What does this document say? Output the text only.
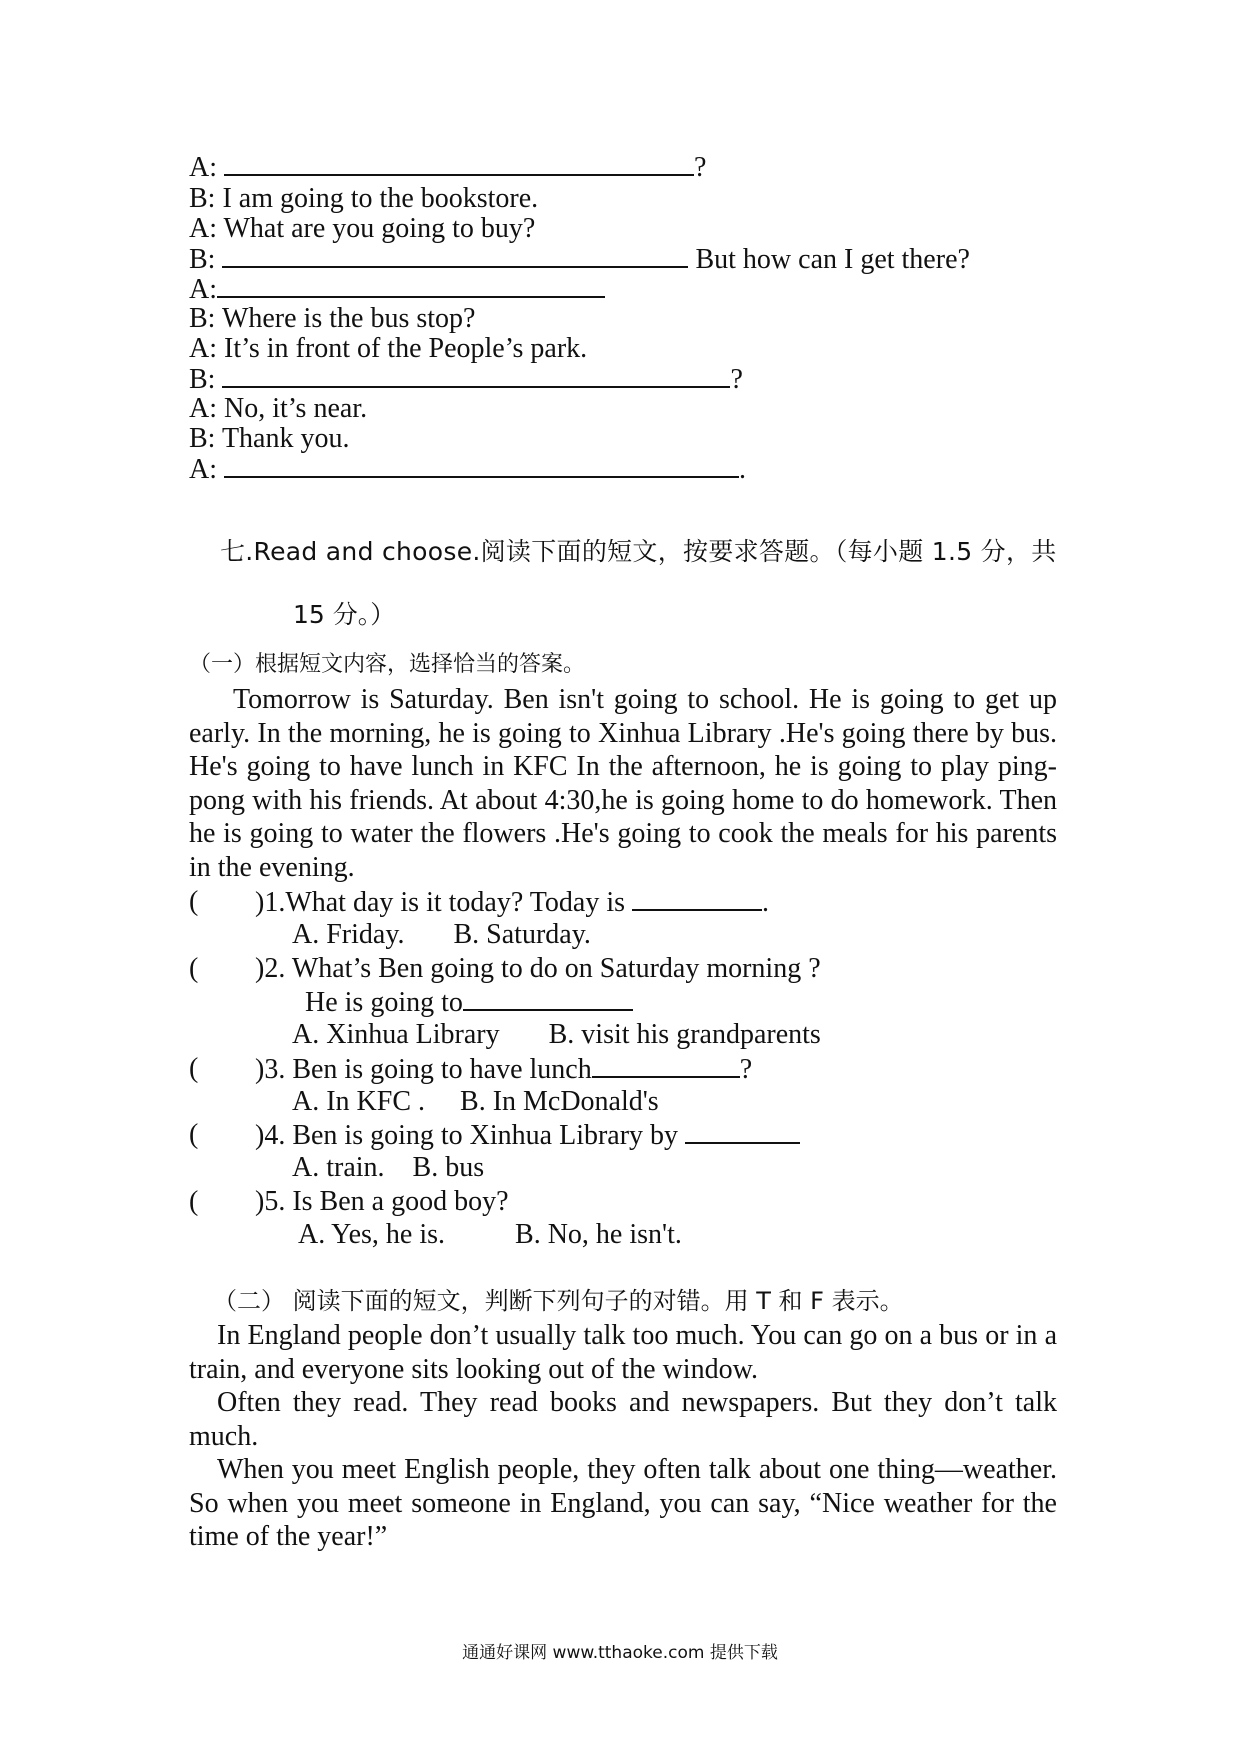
A:	?
B: I am going to the bookstore.
A: What are you going to buy?
B:	But how can I get there?
A:
B: Where is the bus stop?
A: It’s in front of the People’s park.
B:	?
A: No, it’s near.
B: Thank you.
A:	.
七.Read and choose.阅读下面的短文，按要求答题。（每小题 1.5 分，共
15 分。）
（一）根据短文内容，选择恰当的答案。
Tomorrow is Saturday. Ben isn't going to school. He is going to get up early. In the morning, he is going to Xinhua Library .He's going there by bus. He's going to have lunch in KFC In the afternoon, he is going to play ping-pong with his friends. At about 4:30,he is going home to do homework. Then he is going to water the flowers .He's going to cook the meals for his parents in the evening.
( )1.What day is it today? Today is	.
A. Friday.       B. Saturday.
( )2. What’s Ben going to do on Saturday morning ?
He is going to
A. Xinhua Library       B. visit his grandparents
( )3. Ben is going to have lunch	?
A. In KFC .     B. In McDonald's
( )4. Ben is going to Xinhua Library by
A. train.    B. bus
( )5. Is Ben a good boy?
A. Yes, he is.          B. No, he isn't.
（二） 阅读下面的短文，判断下列句子的对错。用 T 和 F 表示。
In England people don’t usually talk too much. You can go on a bus or in a train, and everyone sits looking out of the window.
Often they read. They read books and newspapers. But they don’t talk much.
When you meet English people, they often talk about one thing—weather. So when you meet someone in England, you can say, “Nice weather for the time of the year!”
通通好课网 www.tthaoke.com 提供下载
